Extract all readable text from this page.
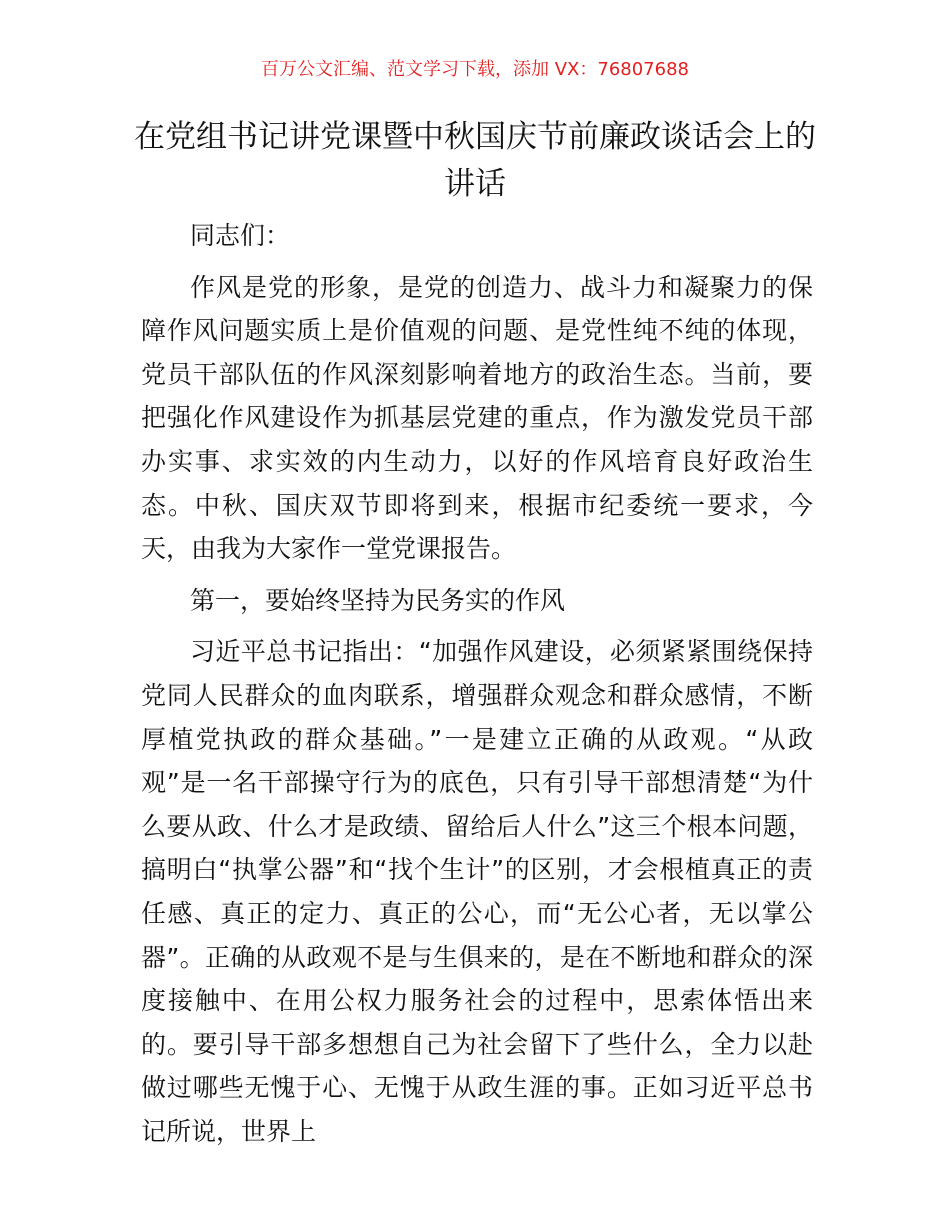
百万公文汇编、范文学习下载，添加 VX：76807688
在党组书记讲党课暨中秋国庆节前廉政谈话会上的讲话

同志们：

作风是党的形象，是党的创造力、战斗力和凝聚力的保障作风问题实质上是价值观的问题、是党性纯不纯的体现，党员干部队伍的作风深刻影响着地方的政治生态。当前，要把强化作风建设作为抓基层党建的重点，作为激发党员干部办实事、求实效的内生动力，以好的作风培育良好政治生态。中秋、国庆双节即将到来，根据市纪委统一要求，今天，由我为大家作一堂党课报告。

第一，要始终坚持为民务实的作风

习近平总书记指出：“加强作风建设，必须紧紧围绕保持党同人民群众的血肉联系，增强群众观念和群众感情，不断厚植党执政的群众基础。”一是建立正确的从政观。“从政观”是一名干部操守行为的底色，只有引导干部想清楚“为什么要从政、什么才是政绩、留给后人什么”这三个根本问题，搞明白“执掌公器”和“找个生计”的区别，才会根植真正的责任感、真正的定力、真正的公心，而“无公心者，无以掌公器”。正确的从政观不是与生俱来的，是在不断地和群众的深度接触中、在用公权力服务社会的过程中，思索体悟出来的。要引导干部多想想自己为社会留下了些什么，全力以赴做过哪些无愧于心、无愧于从政生涯的事。正如习近平总书记所说，世界上
